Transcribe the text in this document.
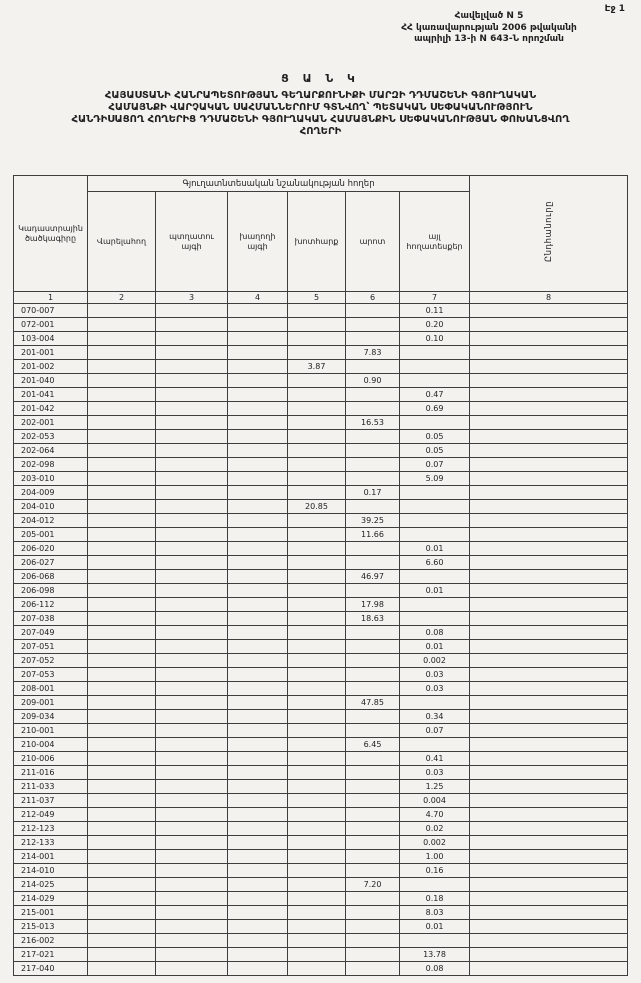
Էջ 1
Հավելված N 5
ՀՀ կառավարության 2006 թվականի
ապրիլի 13-ի N 643-Ն որոշման
Ց Ա Ն Կ
ՀԱՅԱՍՏԱՆԻ ՀԱՆՐԱՊԵՏՈՒԹՅԱՆ ԳԵՂԱՐՔՈՒՆԻՔԻ ՄԱՐԶԻ ԴԴՄԱՇԵՆԻ ԳՅՈՒՂԱԿԱՆ
ՀԱՄԱՅՆՔԻ ՎԱՐՉԱԿԱՆ ՍԱՀՄԱՆՆԵՐՈՒՄ ԳՏՆՎՈՂ՝ ՊԵՏԱԿԱՆ ՍԵՓԱԿԱՆՈՒԹՅՈՒՆ
ՀԱՆԴԻՍԱՑՈՂ ՀՈՂԵՐԻՑ ԴԴՄԱՇԵՆԻ ԳՅՈՒՂԱԿԱՆ ՀԱՄԱՅՆՔԻՆ ՍԵՓԱԿԱՆՈՒԹՅԱՆ ՓՈԽԱՆՑՎՈՂ
ՀՈՂԵՐԻ
Կադաստրային ծածկագիրը	Գյուղատնտեսական նշանակության հողեր						Ընդհանուրը
	Վարելահող	պտղատու այգի	խաղողի այգի	խոտհարք	արոտ	այլ հողատեսքեր	
1	2	3	4	5	6	7	8
070-007						0.11	
072-001						0.20	
103-004						0.10	
201-001					7.83		
201-002				3.87			
201-040					0.90		
201-041						0.47	
201-042						0.69	
202-001					16.53		
202-053						0.05	
202-064						0.05	
202-098						0.07	
203-010						5.09	
204-009					0.17		
204-010				20.85			
204-012					39.25		
205-001					11.66		
206-020						0.01	
206-027						6.60	
206-068					46.97		
206-098						0.01	
206-112					17.98		
207-038					18.63		
207-049						0.08	
207-051						0.01	
207-052						0.002	
207-053						0.03	
208-001						0.03	
209-001					47.85		
209-034						0.34	
210-001						0.07	
210-004					6.45		
210-006						0.41	
211-016						0.03	
211-033						1.25	
211-037						0.004	
212-049						4.70	
212-123						0.02	
212-133						0.002	
214-001						1.00	
214-010						0.16	
214-025					7.20		
214-029						0.18	
215-001						8.03	
215-013						0.01	
216-002							
217-021						13.78	
217-040						0.08	
